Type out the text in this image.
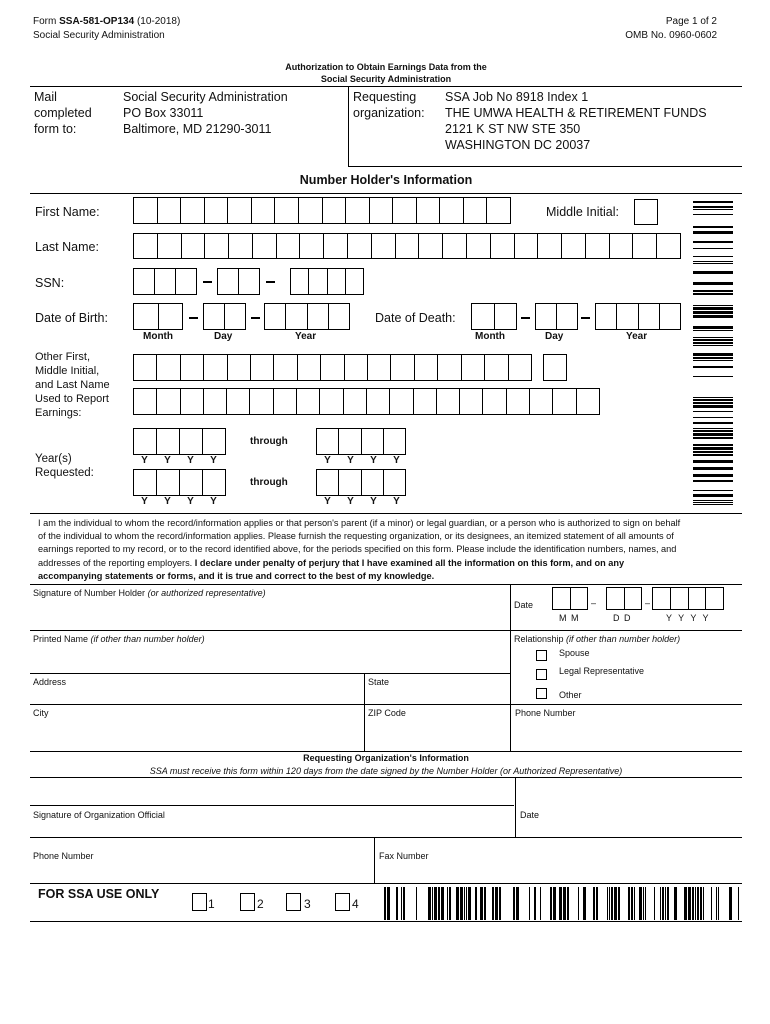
Form SSA-581-OP134 (10-2018)
Social Security Administration
Page 1 of 2
OMB No. 0960-0602
Authorization to Obtain Earnings Data from the
Social Security Administration
Mail
completed
form to:
Social Security Administration
PO Box 33011
Baltimore, MD 21290-3011
Requesting
organization:
SSA Job No 8918 Index 1
THE UMWA HEALTH & RETIREMENT FUNDS
2121 K ST NW STE 350
WASHINGTON DC 20037
Number Holder's Information
First Name:	Middle Initial:
Last Name:
SSN:
Date of Birth:
Month	Day	Year
Date of Death:
Month	Day	Year
Other First,
Middle Initial,
and Last Name
Used to Report
Earnings:
Year(s)
Requested:
through
Y	Y	Y	Y	Y	Y	Y	Y
through
Y	Y	Y	Y	Y	Y	Y	Y
I am the individual to whom the record/information applies or that person's parent (if a minor) or legal guardian, or a person who is authorized to sign on behalf
of the individual to whom the record/information applies. Please furnish the requesting organization, or its designees, an itemized statement of all amounts of
earnings reported to my record, or to the record identified above, for the periods specified on this form. Please include the identification numbers, names, and
addresses of the reporting employers. I declare under penalty of perjury that I have examined all the information on this form, and on any
accompanying statements or forms, and it is true and correct to the best of my knowledge.
Signature of Number Holder (or authorized representative)
Date	–	–
M M	D D	Y Y Y Y
Printed Name (if other than number holder)	Relationship (if other than number holder)
Spouse
Legal Representative
Other
Address	State
City	ZIP Code	Phone Number
Requesting Organization's Information
SSA must receive this form within 120 days from the date signed by the Number Holder (or Authorized Representative)
Signature of Organization Official	Date
Phone Number	Fax Number
FOR SSA USE ONLY
1	2	3	4
